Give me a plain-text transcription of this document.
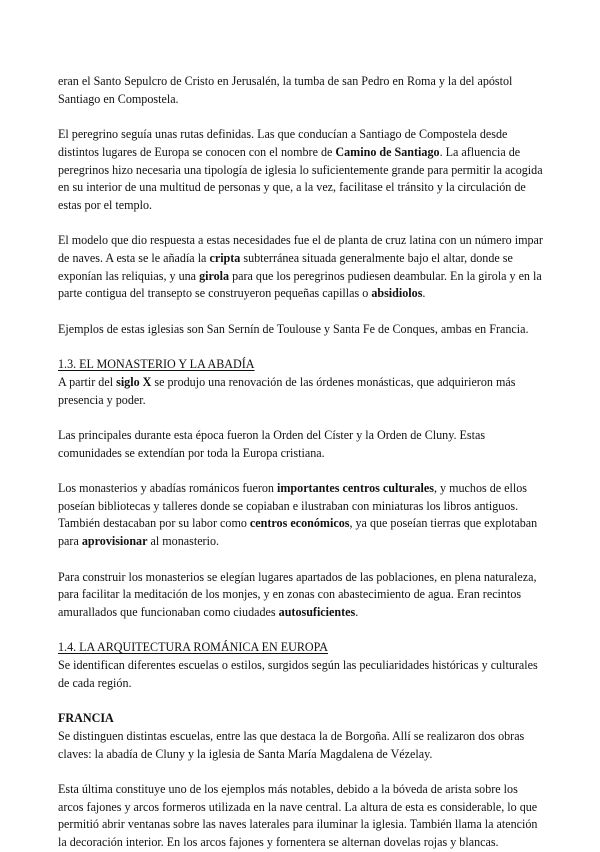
eran el Santo Sepulcro de Cristo en Jerusalén, la tumba de san Pedro en Roma y la del apóstol Santiago en Compostela.

El peregrino seguía unas rutas definidas. Las que conducían a Santiago de Compostela desde distintos lugares de Europa se conocen con el nombre de Camino de Santiago. La afluencia de peregrinos hizo necesaria una tipología de iglesia lo suficientemente grande para permitir la acogida en su interior de una multitud de personas y que, a la vez, facilitase el tránsito y la circulación de estas por el templo.

El modelo que dio respuesta a estas necesidades fue el de planta de cruz latina con un número impar de naves. A esta se le añadía la cripta subterránea situada generalmente bajo el altar, donde se exponían las reliquias, y una girola para que los peregrinos pudiesen deambular. En la girola y en la parte contigua del transepto se construyeron pequeñas capillas o absidiolos.

Ejemplos de estas iglesias son San Sernín de Toulouse y Santa Fe de Conques, ambas en Francia.

1.3. EL MONASTERIO Y LA ABADÍA

A partir del siglo X se produjo una renovación de las órdenes monásticas, que adquirieron más presencia y poder.

Las principales durante esta época fueron la Orden del Císter y la Orden de Cluny. Estas comunidades se extendían por toda la Europa cristiana.

Los monasterios y abadías románicos fueron importantes centros culturales, y muchos de ellos poseían bibliotecas y talleres donde se copiaban e ilustraban con miniaturas los libros antiguos. También destacaban por su labor como centros económicos, ya que poseían tierras que explotaban para aprovisionar al monasterio.

Para construir los monasterios se elegían lugares apartados de las poblaciones, en plena naturaleza, para facilitar la meditación de los monjes, y en zonas con abastecimiento de agua. Eran recintos amurallados que funcionaban como ciudades autosuficientes.

1.4. LA ARQUITECTURA ROMÁNICA EN EUROPA

Se identifican diferentes escuelas o estilos, surgidos según las peculiaridades históricas y culturales de cada región.

FRANCIA

Se distinguen distintas escuelas, entre las que destaca la de Borgoña. Allí se realizaron dos obras claves: la abadía de Cluny y la iglesia de Santa María Magdalena de Vézelay.

Esta última constituye uno de los ejemplos más notables, debido a la bóveda de arista sobre los arcos fajones y arcos formeros utilizada en la nave central. La altura de esta es considerable, lo que permitió abrir ventanas sobre las naves laterales para iluminar la iglesia. También llama la atención la decoración interior. En los arcos fajones y fornentera se alternan dovelas rojas y blancas.
